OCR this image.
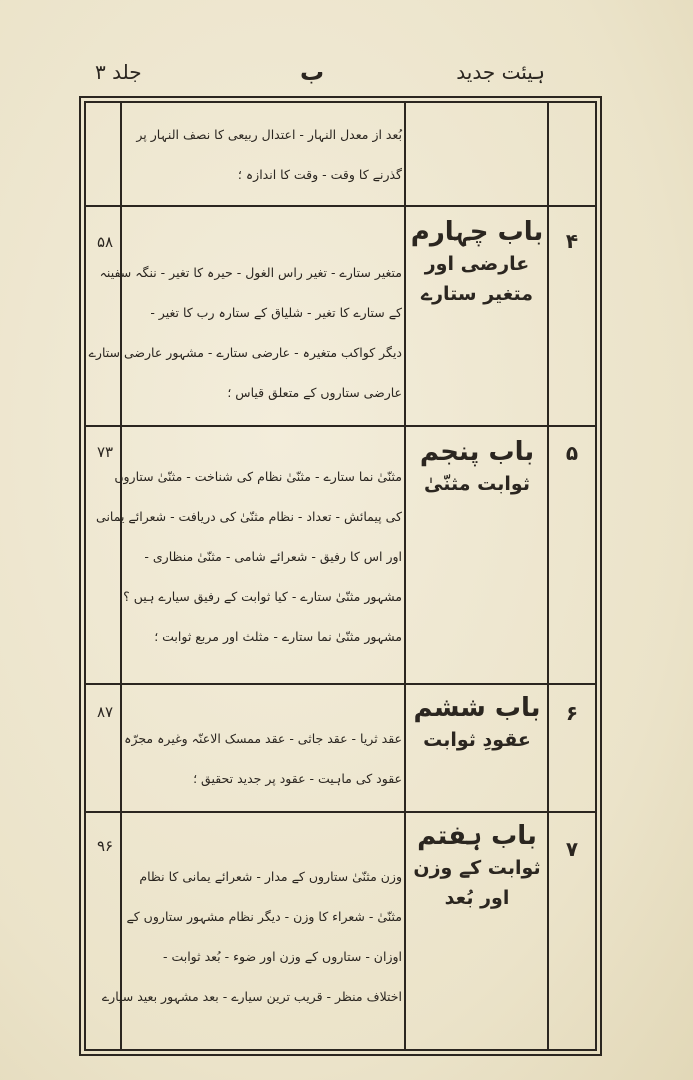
ہیئت جدید
ب
جلد ۳
بُعد از معدل النہار - اعتدال ربیعی کا نصف النہار پر
گذرنے کا وقت - وقت کا اندازہ ؛
۴
باب چہارم
عارضی اور متغیر ستارے
متغیر ستارے - تغیر راس الغول - حیرہ کا تغیر - ننگہ سفینہ
کے ستارے کا تغیر - شلیاق کے ستارہ رب کا تغیر -
دیگر کواکب متغیرہ - عارضی ستارے - مشہور عارضی ستارے
عارضی ستاروں کے متعلق قیاس ؛
۵۸
۵
باب پنجم
ثوابت مثنّیٰ
مثنّیٰ نما ستارے - مثنّیٰ نظام کی شناخت - مثنّیٰ ستاروں
کی پیمائش - تعداد - نظام مثنّیٰ کی دریافت - شعرائے یمانی
اور اس کا رفیق - شعرائے شامی - مثنّیٰ منظاری -
مشہور مثنّیٰ ستارے - کیا ثوابت کے رفیق سیارے ہیں ؟
مشہور مثنّیٰ نما ستارے - مثلث اور مربع ثوابت ؛
۷۳
۶
باب ششم
عقودِ ثوابت
عقد ثریا - عقد جاثی - عقد ممسک الاعنّہ وغیرہ مجرّہ
عقود کی ماہیت - عقود پر جدید تحقیق ؛
۸۷
۷
باب ہفتم
ثوابت کے وزن اور بُعد
وزن مثنّیٰ ستاروں کے مدار - شعرائے یمانی کا نظام
مثنّیٰ - شعراء کا وزن - دیگر نظام مشہور ستاروں کے
اوزان - ستاروں کے وزن اور ضوء - بُعد ثوابت -
اختلاف منظر - قریب ترین سیارے - بعد مشہور بعید سیارے
۹۶
